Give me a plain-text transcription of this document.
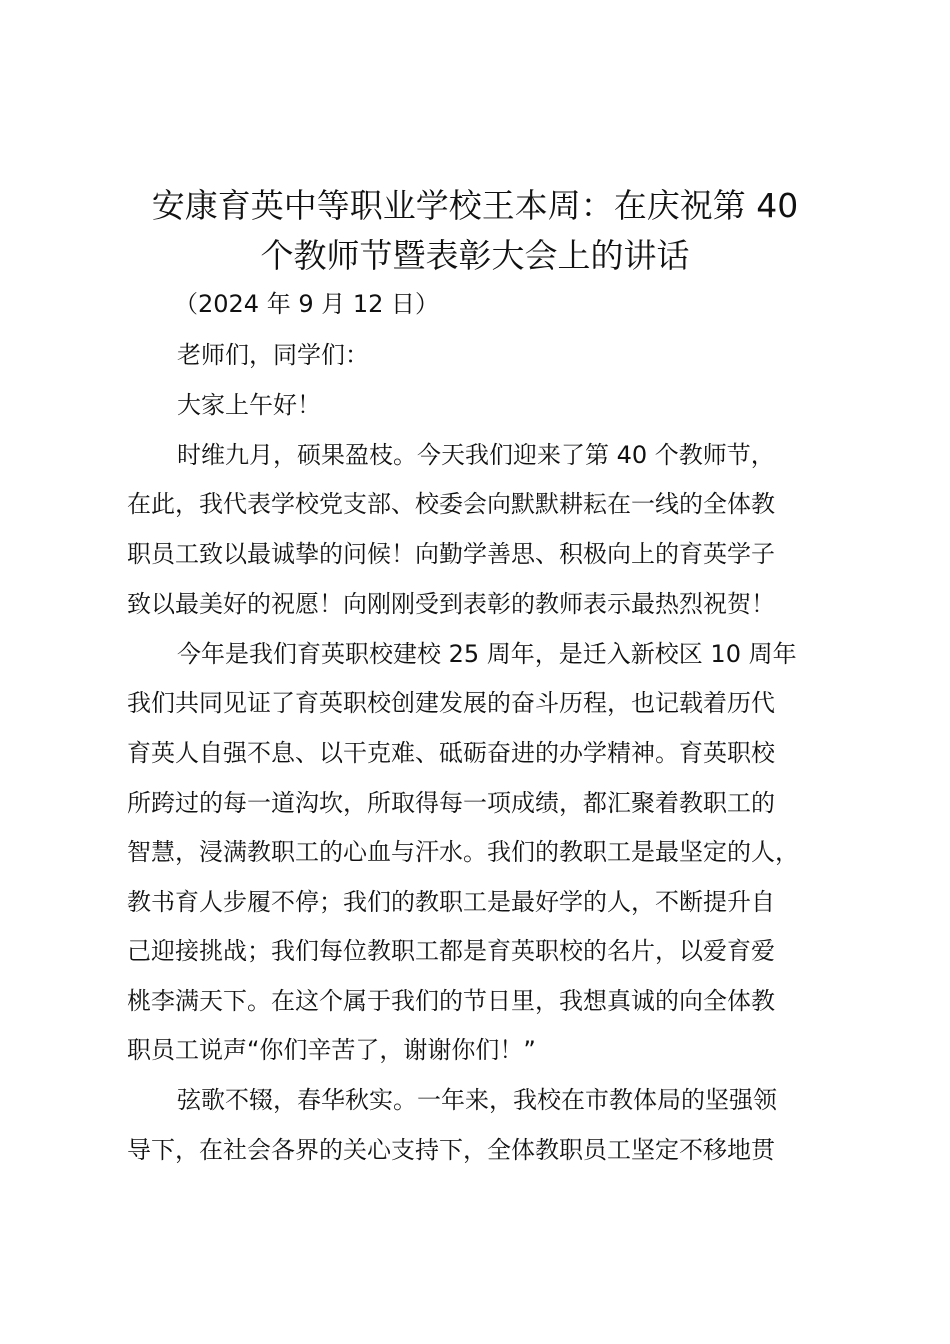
安康育英中等职业学校王本周：在庆祝第 40
个教师节暨表彰大会上的讲话
（2024 年 9 月 12 日）
老师们，同学们：
大家上午好！
时维九月，硕果盈枝。今天我们迎来了第 40 个教师节，
在此，我代表学校党支部、校委会向默默耕耘在一线的全体教
职员工致以最诚挚的问候！向勤学善思、积极向上的育英学子
致以最美好的祝愿！向刚刚受到表彰的教师表示最热烈祝贺！
今年是我们育英职校建校 25 周年，是迁入新校区 10 周年
我们共同见证了育英职校创建发展的奋斗历程，也记载着历代
育英人自强不息、以干克难、砥砺奋进的办学精神。育英职校
所跨过的每一道沟坎，所取得每一项成绩，都汇聚着教职工的
智慧，浸满教职工的心血与汗水。我们的教职工是最坚定的人，
教书育人步履不停；我们的教职工是最好学的人，不断提升自
己迎接挑战；我们每位教职工都是育英职校的名片，以爱育爱
桃李满天下。在这个属于我们的节日里，我想真诚的向全体教
职员工说声“你们辛苦了，谢谢你们！”
弦歌不辍，春华秋实。一年来，我校在市教体局的坚强领
导下，在社会各界的关心支持下，全体教职员工坚定不移地贯
